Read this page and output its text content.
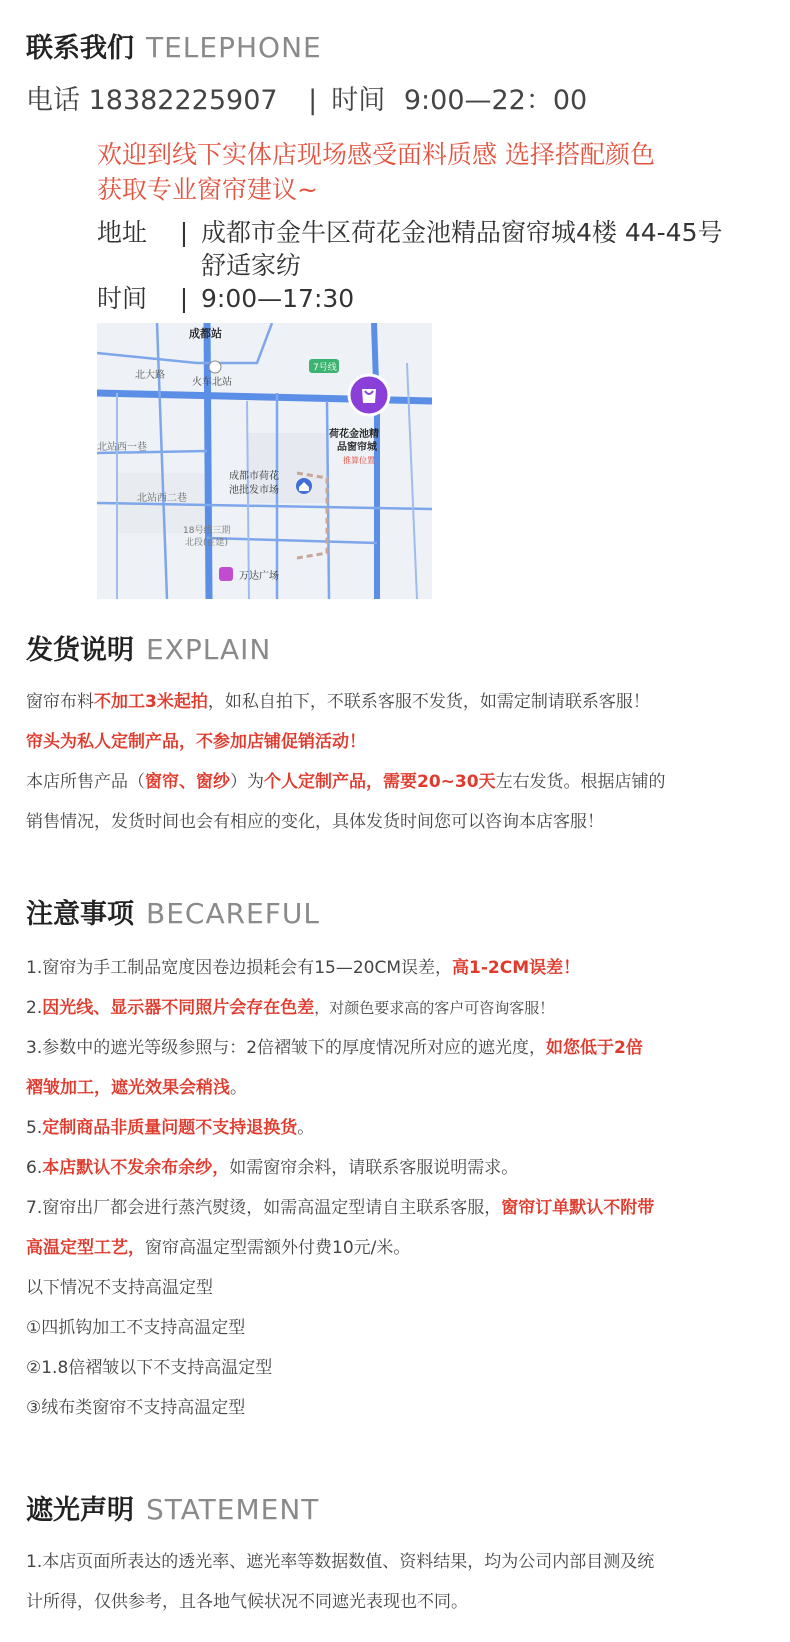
联系我们 TELEPHONE
电话 18382225907 | 时间 9:00—22：00
欢迎到线下实体店现场感受面料质感 选择搭配颜色
获取专业窗帘建议~
地址 | 成都市金牛区荷花金池精品窗帘城4楼 44-45号
舒适家纺
时间 | 9:00—17:30
7号线
成都站
火车北站
北大路
北站西一巷
北站西二巷
18号线三期
北段(在建)
成都市荷花
池批发市场
万达广场
荷花金池精
品窗帘城
推算位置
发货说明 EXPLAIN
窗帘布料不加工3米起拍，如私自拍下，不联系客服不发货，如需定制请联系客服！
帘头为私人定制产品，不参加店铺促销活动！
本店所售产品（窗帘、窗纱）为个人定制产品，需要20~30天左右发货。根据店铺的
销售情况，发货时间也会有相应的变化，具体发货时间您可以咨询本店客服！
注意事项 BECAREFUL
1.窗帘为手工制品宽度因卷边损耗会有15—20CM误差，高1-2CM误差！
2.因光线、显示器不同照片会存在色差，对颜色要求高的客户可咨询客服！
3.参数中的遮光等级参照与：2倍褶皱下的厚度情况所对应的遮光度，如您低于2倍
褶皱加工，遮光效果会稍浅。
5.定制商品非质量问题不支持退换货。
6.本店默认不发余布余纱，如需窗帘余料，请联系客服说明需求。
7.窗帘出厂都会进行蒸汽熨烫，如需高温定型请自主联系客服，窗帘订单默认不附带
高温定型工艺，窗帘高温定型需额外付费10元/米。
以下情况不支持高温定型
①四抓钩加工不支持高温定型
②1.8倍褶皱以下不支持高温定型
③绒布类窗帘不支持高温定型
遮光声明 STATEMENT
1.本店页面所表达的透光率、遮光率等数据数值、资料结果，均为公司内部目测及统
计所得，仅供参考，且各地气候状况不同遮光表现也不同。
